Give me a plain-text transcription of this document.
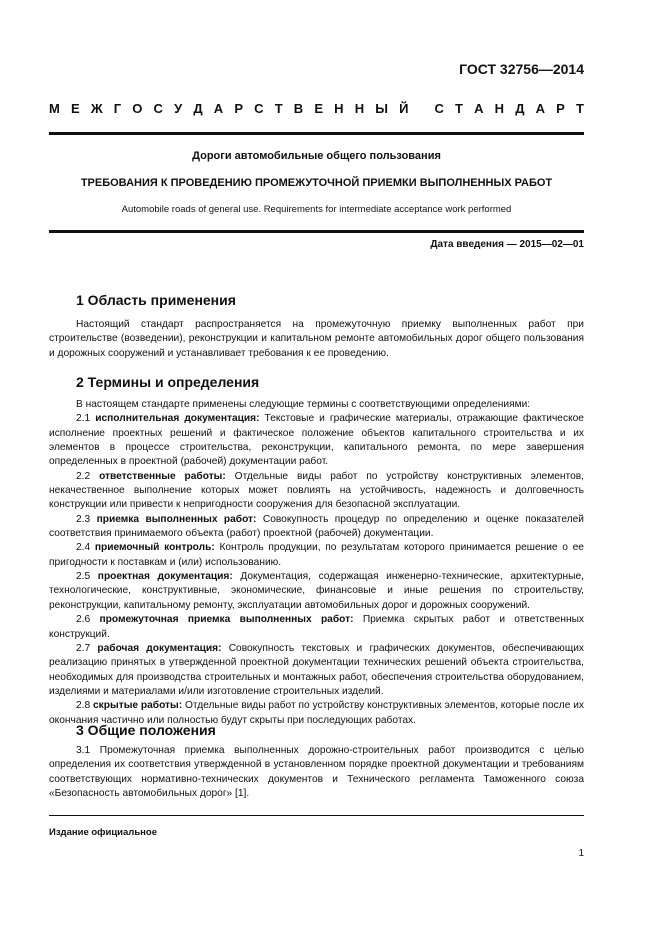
ГОСТ 32756—2014
М Е Ж Г О С У Д А Р С Т В Е Н Н Ы Й
С Т А Н Д А Р Т
Дороги автомобильные общего пользования
ТРЕБОВАНИЯ К ПРОВЕДЕНИЮ ПРОМЕЖУТОЧНОЙ ПРИЕМКИ ВЫПОЛНЕННЫХ РАБОТ
Automobile roads of general use. Requirements for intermediate acceptance work performed
Дата введения — 2015—02—01
1 Область применения

Настоящий стандарт распространяется на промежуточную приемку выполненных работ при строительстве (возведении), реконструкции и капитальном ремонте автомобильных дорог общего пользования и дорожных сооружений и устанавливает требования к ее проведению.

2 Термины и определения

В настоящем стандарте применены следующие термины с соответствующими определениями:

2.1 исполнительная документация: Текстовые и графические материалы, отражающие фактическое исполнение проектных решений и фактическое положение объектов капитального строительства и их элементов в процессе строительства, реконструкции, капитального ремонта, по мере завершения определенных в проектной (рабочей) документации работ.

2.2 ответственные работы: Отдельные виды работ по устройству конструктивных элементов, некачественное выполнение которых может повлиять на устойчивость, надежность и долговечность конструкции или привести к непригодности сооружения для безопасной эксплуатации.

2.3 приемка выполненных работ: Совокупность процедур по определению и оценке показателей соответствия принимаемого объекта (работ) проектной (рабочей) документации.

2.4 приемочный контроль: Контроль продукции, по результатам которого принимается решение о ее пригодности к поставкам и (или) использованию.

2.5 проектная документация: Документация, содержащая инженерно-технические, архитектурные, технологические, конструктивные, экономические, финансовые и иные решения по строительству, реконструкции, капитальному ремонту, эксплуатации автомобильных дорог и дорожных сооружений.

2.6 промежуточная приемка выполненных работ: Приемка скрытых работ и ответственных конструкций.

2.7 рабочая документация: Совокупность текстовых и графических документов, обеспечивающих реализацию принятых в утвержденной проектной документации технических решений объекта строительства, необходимых для производства строительных и монтажных работ, обеспечения строительства оборудованием, изделиями и материалами и/или изготовление строительных изделий.

2.8 скрытые работы: Отдельные виды работ по устройству конструктивных элементов, которые после их окончания частично или полностью будут скрыты при последующих работах.

3 Общие положения

3.1 Промежуточная приемка выполненных дорожно-строительных работ производится с целью определения их соответствия утвержденной в установленном порядке проектной документации и требованиям соответствующих нормативно-технических документов и Технического регламента Таможенного союза «Безопасность автомобильных дорог» [1].

Издание официальное
1
